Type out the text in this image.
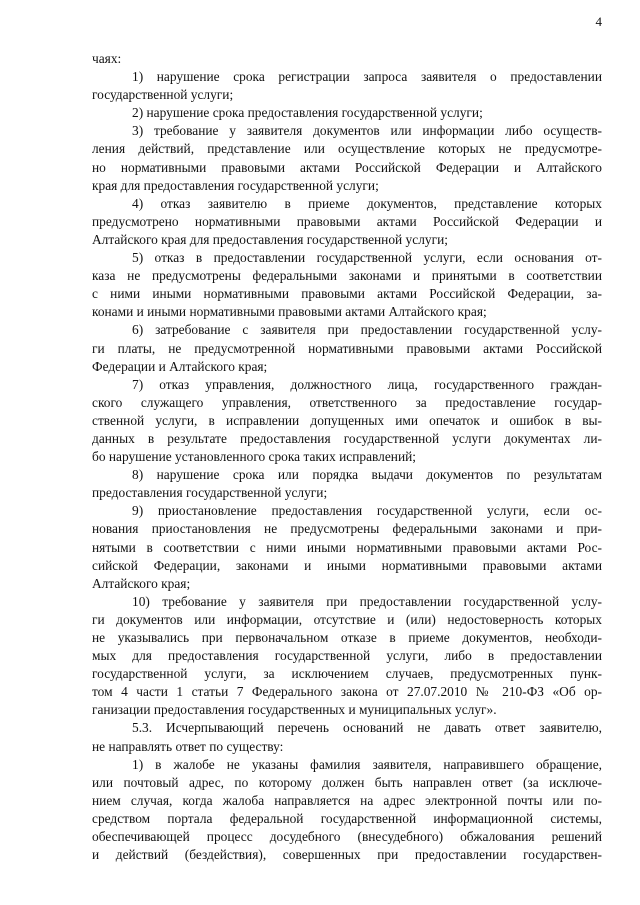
4
чаях:
1) нарушение срока регистрации запроса заявителя о предоставлении
государственной услуги;
2) нарушение срока предоставления государственной услуги;
3) требование у заявителя документов или информации либо осуществ-
ления действий, представление или осуществление которых не предусмотре-
но нормативными правовыми актами Российской Федерации и Алтайского
края для предоставления государственной услуги;
4) отказ заявителю в приеме документов, представление которых
предусмотрено нормативными правовыми актами Российской Федерации и
Алтайского края для предоставления государственной услуги;
5) отказ в предоставлении государственной услуги, если основания от-
каза не предусмотрены федеральными законами и принятыми в соответствии
с ними иными нормативными правовыми актами Российской Федерации, за-
конами и иными нормативными правовыми актами Алтайского края;
6) затребование с заявителя при предоставлении государственной услу-
ги платы, не предусмотренной нормативными правовыми актами Российской
Федерации и Алтайского края;
7) отказ управления, должностного лица, государственного граждан-
ского служащего управления, ответственного за предоставление государ-
ственной услуги, в исправлении допущенных ими опечаток и ошибок в вы-
данных в результате предоставления государственной услуги документах ли-
бо нарушение установленного срока таких исправлений;
8) нарушение срока или порядка выдачи документов по результатам
предоставления государственной услуги;
9) приостановление предоставления государственной услуги, если ос-
нования приостановления не предусмотрены федеральными законами и при-
нятыми в соответствии с ними иными нормативными правовыми актами Рос-
сийской Федерации, законами и иными нормативными правовыми актами
Алтайского края;
10) требование у заявителя при предоставлении государственной услу-
ги документов или информации, отсутствие и (или) недостоверность которых
не указывались при первоначальном отказе в приеме документов, необходи-
мых для предоставления государственной услуги, либо в предоставлении
государственной услуги, за исключением случаев, предусмотренных пунк-
том 4 части 1 статьи 7 Федерального закона от 27.07.2010 № 210-ФЗ «Об ор-
ганизации предоставления государственных и муниципальных услуг».
5.3. Исчерпывающий перечень оснований не давать ответ заявителю,
не направлять ответ по существу:
1) в жалобе не указаны фамилия заявителя, направившего обращение,
или почтовый адрес, по которому должен быть направлен ответ (за исключе-
нием случая, когда жалоба направляется на адрес электронной почты или по-
средством портала федеральной государственной информационной системы,
обеспечивающей процесс досудебного (внесудебного) обжалования решений
и действий (бездействия), совершенных при предоставлении государствен-
